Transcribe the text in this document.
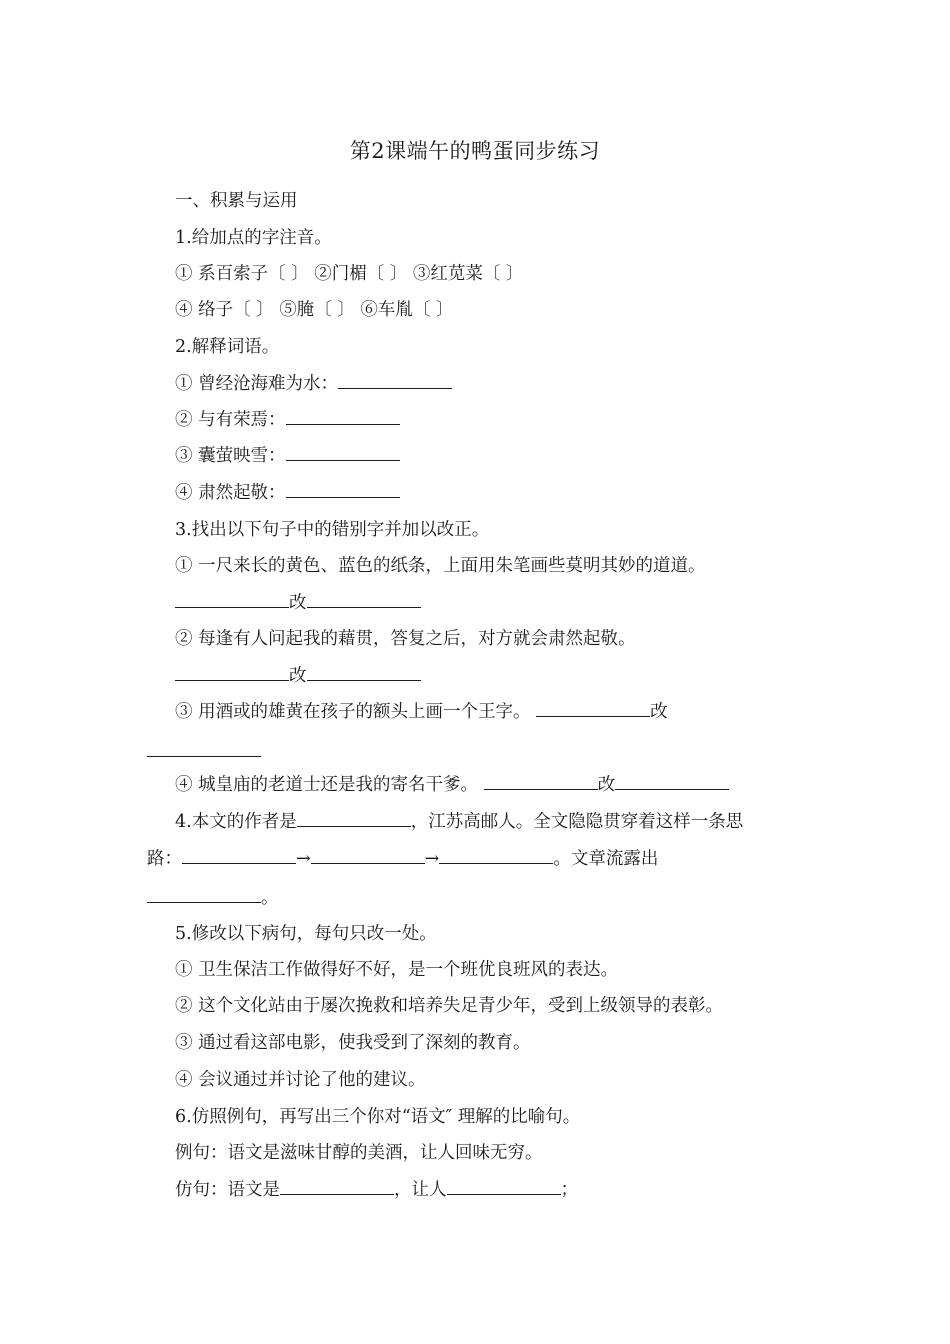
第2课端午的鸭蛋同步练习
一、积累与运用
1.给加点的字注音。
① 系百索子〔 〕 ②门楣〔 〕 ③红苋菜〔 〕
④ 络子〔 〕 ⑤腌〔 〕 ⑥车胤〔 〕
2.解释词语。
① 曾经沧海难为水：
② 与有荣焉：
③ 囊萤映雪：
④ 肃然起敬：
3.找出以下句子中的错别字并加以改正。
① 一尺来长的黄色、蓝色的纸条，上面用朱笔画些莫明其妙的道道。
改
② 每逢有人问起我的藉贯，答复之后，对方就会肃然起敬。
改
③ 用酒或的雄黄在孩子的额头上画一个王字。	改
④ 城皇庙的老道士还是我的寄名干爹。	改
4.本文的作者是	，江苏高邮人。全文隐隐贯穿着这样一条思
路：	→	→	。文章流露出
。
5.修改以下病句，每句只改一处。
① 卫生保洁工作做得好不好，是一个班优良班风的表达。
② 这个文化站由于屡次挽救和培养失足青少年，受到上级领导的表彰。
③ 通过看这部电影，使我受到了深刻的教育。
④ 会议通过并讨论了他的建议。
6.仿照例句，再写出三个你对“语文″ 理解的比喻句。
例句：语文是滋味甘醇的美酒，让人回味无穷。
仿句：语文是	，让人	；
